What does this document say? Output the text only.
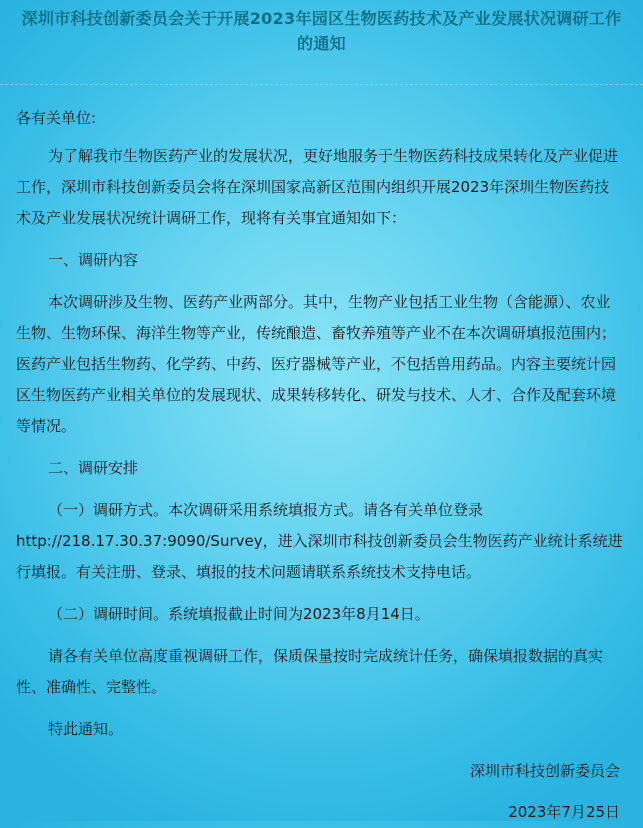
深圳市科技创新委员会关于开展2023年园区生物医药技术及产业发展状况调研工作的通知

各有关单位:

为了解我市生物医药产业的发展状况，更好地服务于生物医药科技成果转化及产业促进工作，深圳市科技创新委员会将在深圳国家高新区范围内组织开展2023年深圳生物医药技术及产业发展状况统计调研工作，现将有关事宜通知如下：

一、调研内容

本次调研涉及生物、医药产业两部分。其中，生物产业包括工业生物（含能源）、农业生物、生物环保、海洋生物等产业，传统酿造、畜牧养殖等产业不在本次调研填报范围内；医药产业包括生物药、化学药、中药、医疗器械等产业，不包括兽用药品。内容主要统计园区生物医药产业相关单位的发展现状、成果转移转化、研发与技术、人才、合作及配套环境等情况。

二、调研安排

（一）调研方式。本次调研采用系统填报方式。请各有关单位登录http://218.17.30.37:9090/Survey，进入深圳市科技创新委员会生物医药产业统计系统进行填报。有关注册、登录、填报的技术问题请联系系统技术支持电话。

（二）调研时间。系统填报截止时间为2023年8月14日。

请各有关单位高度重视调研工作，保质保量按时完成统计任务，确保填报数据的真实性、准确性、完整性。

特此通知。

深圳市科技创新委员会

2023年7月25日
